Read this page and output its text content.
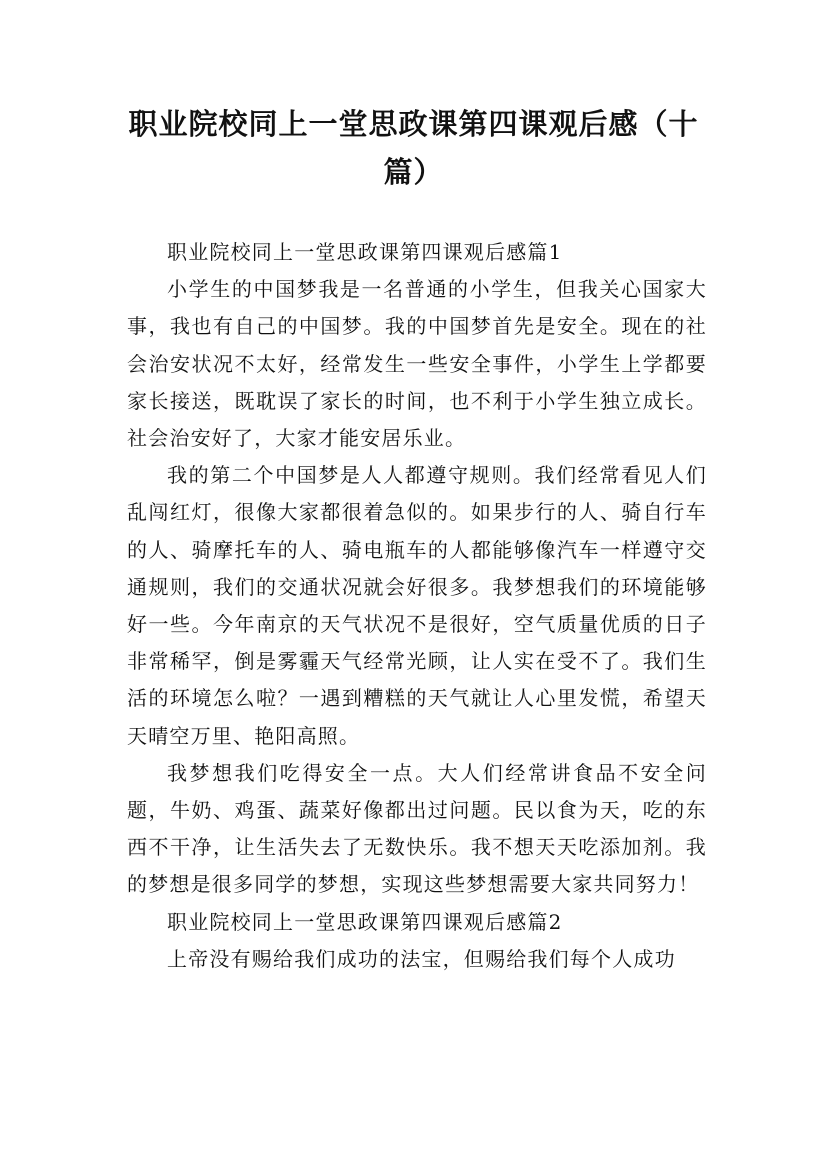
职业院校同上一堂思政课第四课观后感（十篇）

职业院校同上一堂思政课第四课观后感篇1

小学生的中国梦我是一名普通的小学生，但我关心国家大事，我也有自己的中国梦。我的中国梦首先是安全。现在的社会治安状况不太好，经常发生一些安全事件，小学生上学都要家长接送，既耽误了家长的时间，也不利于小学生独立成长。社会治安好了，大家才能安居乐业。

我的第二个中国梦是人人都遵守规则。我们经常看见人们乱闯红灯，很像大家都很着急似的。如果步行的人、骑自行车的人、骑摩托车的人、骑电瓶车的人都能够像汽车一样遵守交通规则，我们的交通状况就会好很多。我梦想我们的环境能够好一些。今年南京的天气状况不是很好，空气质量优质的日子非常稀罕，倒是雾霾天气经常光顾，让人实在受不了。我们生活的环境怎么啦？一遇到糟糕的天气就让人心里发慌，希望天天晴空万里、艳阳高照。

我梦想我们吃得安全一点。大人们经常讲食品不安全问题，牛奶、鸡蛋、蔬菜好像都出过问题。民以食为天，吃的东西不干净，让生活失去了无数快乐。我不想天天吃添加剂。我的梦想是很多同学的梦想，实现这些梦想需要大家共同努力！

职业院校同上一堂思政课第四课观后感篇2

上帝没有赐给我们成功的法宝，但赐给我们每个人成功
